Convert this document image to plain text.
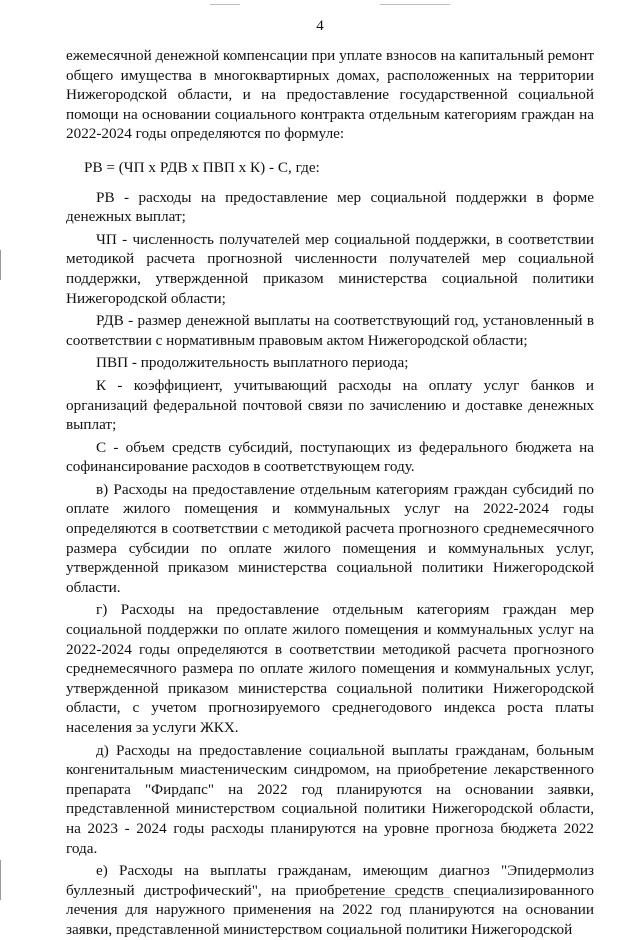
4

ежемесячной денежной компенсации при уплате взносов на капитальный ремонт общего имущества в многоквартирных домах, расположенных на территории Нижегородской области, и на предоставление государственной социальной помощи на основании социального контракта отдельным категориям граждан на 2022-2024 годы определяются по формуле:

РВ = (ЧП х РДВ х ПВП х К) - С, где:

РВ - расходы на предоставление мер социальной поддержки в форме денежных выплат;

ЧП - численность получателей мер социальной поддержки, в соответствии методикой расчета прогнозной численности получателей мер социальной поддержки, утвержденной приказом министерства социальной политики Нижегородской области;

РДВ - размер денежной выплаты на соответствующий год, установленный в соответствии с нормативным правовым актом Нижегородской области;

ПВП - продолжительность выплатного периода;

К - коэффициент, учитывающий расходы на оплату услуг банков и организаций федеральной почтовой связи по зачислению и доставке денежных выплат;

С - объем средств субсидий, поступающих из федерального бюджета на софинансирование расходов в соответствующем году.

в) Расходы на предоставление отдельным категориям граждан субсидий по оплате жилого помещения и коммунальных услуг на 2022-2024 годы определяются в соответствии с методикой расчета прогнозного среднемесячного размера субсидии по оплате жилого помещения и коммунальных услуг, утвержденной приказом министерства социальной политики Нижегородской области.

г) Расходы на предоставление отдельным категориям граждан мер социальной поддержки по оплате жилого помещения и коммунальных услуг на 2022-2024 годы определяются в соответствии методикой расчета прогнозного среднемесячного размера по оплате жилого помещения и коммунальных услуг, утвержденной приказом министерства социальной политики Нижегородской области, с учетом прогнозируемого среднегодового индекса роста платы населения за услуги ЖКХ.

д) Расходы на предоставление социальной выплаты гражданам, больным конгенитальным миастеническим синдромом, на приобретение лекарственного препарата "Фирдапс" на 2022 год планируются на основании заявки, представленной министерством социальной политики Нижегородской области, на 2023 - 2024 годы расходы планируются на уровне прогноза бюджета 2022 года.

е) Расходы на выплаты гражданам, имеющим диагноз "Эпидермолиз буллезный дистрофический", на приобретение средств специализированного лечения для наружного применения на 2022 год планируются на основании заявки, представленной министерством социальной политики Нижегородской
